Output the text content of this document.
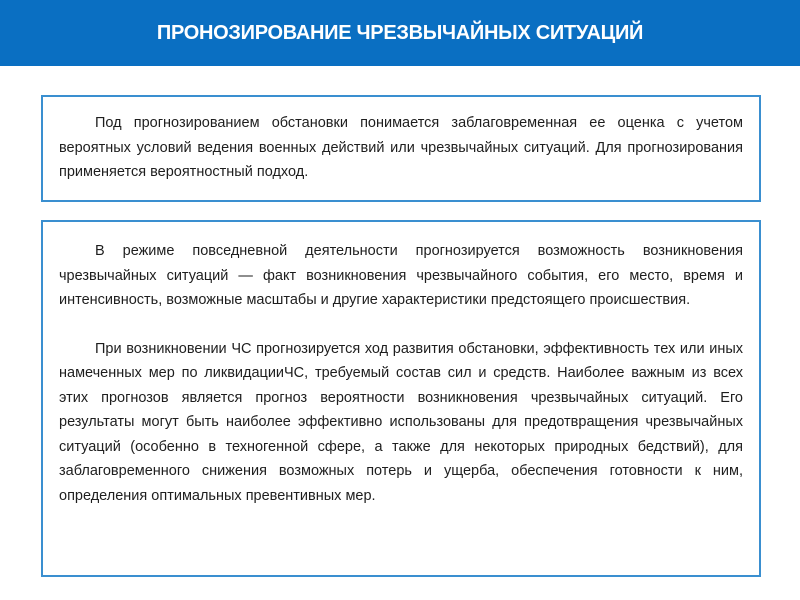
ПРОНОЗИРОВАНИЕ ЧРЕЗВЫЧАЙНЫХ СИТУАЦИЙ

Под прогнозированием обстановки понимается заблаговременная ее оценка с учетом вероятных условий ведения военных действий или чрезвычайных ситуаций. Для прогнозирования применяется вероятностный подход.

В режиме повседневной деятельности прогнозируется возможность возникновения чрезвычайных ситуаций — факт возникновения чрезвычайного события, его место, время и интенсивность, возможные масштабы и другие характеристики предстоящего происшествия.

При возникновении ЧС прогнозируется ход развития обстановки, эффективность тех или иных намеченных мер по ликвидацииЧС, требуемый состав сил и средств. Наиболее важным из всех этих прогнозов является прогноз вероятности возникновения чрезвычайных ситуаций. Его результаты могут быть наиболее эффективно использованы для предотвращения чрезвычайных ситуаций (особенно в техногенной сфере, а также для некоторых природных бедствий), для заблаговременного снижения возможных потерь и ущерба, обеспечения готовности к ним, определения оптимальных превентивных мер.
